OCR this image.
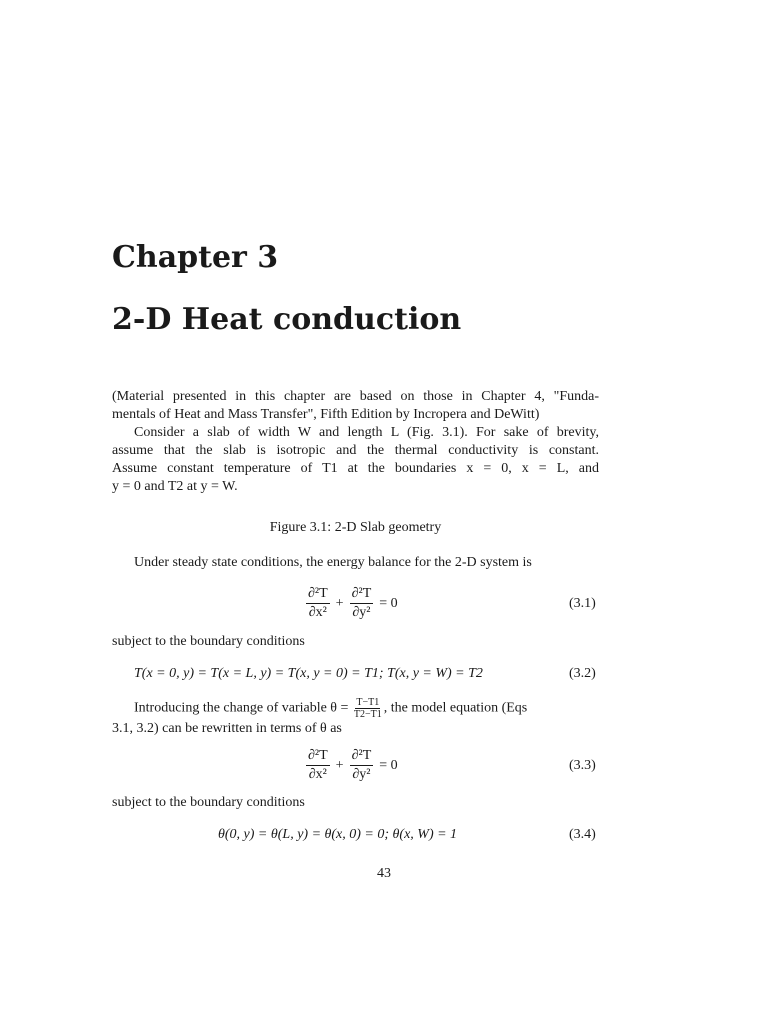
Chapter 3
2-D Heat conduction
(Material presented in this chapter are based on those in Chapter 4, "Funda-
mentals of Heat and Mass Transfer", Fifth Edition by Incropera and DeWitt)
Consider a slab of width W and length L (Fig. 3.1). For sake of brevity,
assume that the slab is isotropic and the thermal conductivity is constant.
Assume constant temperature of T1 at the boundaries x = 0, x = L, and
y = 0 and T2 at y = W.
Figure 3.1: 2-D Slab geometry
Under steady state conditions, the energy balance for the 2-D system is
$\frac{\text{∂²T}}{\text{∂x²}} + \frac{\text{∂²T}}{\text{∂y²}} = 0$	(3.1)
subject to the boundary conditions
T(x = 0, y) = T(x = L, y) = T(x, y = 0) = T1; T(x, y = W) = T2	(3.2)
Introducing the change of variable $\theta = \frac{T-T1}{T2-T1}$ , the model equation (Eqs
3.1, 3.2) can be rewritten in terms of θ as
$\frac{\text{∂²T}}{\text{∂x²}} + \frac{\text{∂²T}}{\text{∂y²}} = 0$	(3.3)
subject to the boundary conditions
θ(0, y) = θ(L, y) = θ(x, 0) = 0; θ(x, W) = 1	(3.4)
43
